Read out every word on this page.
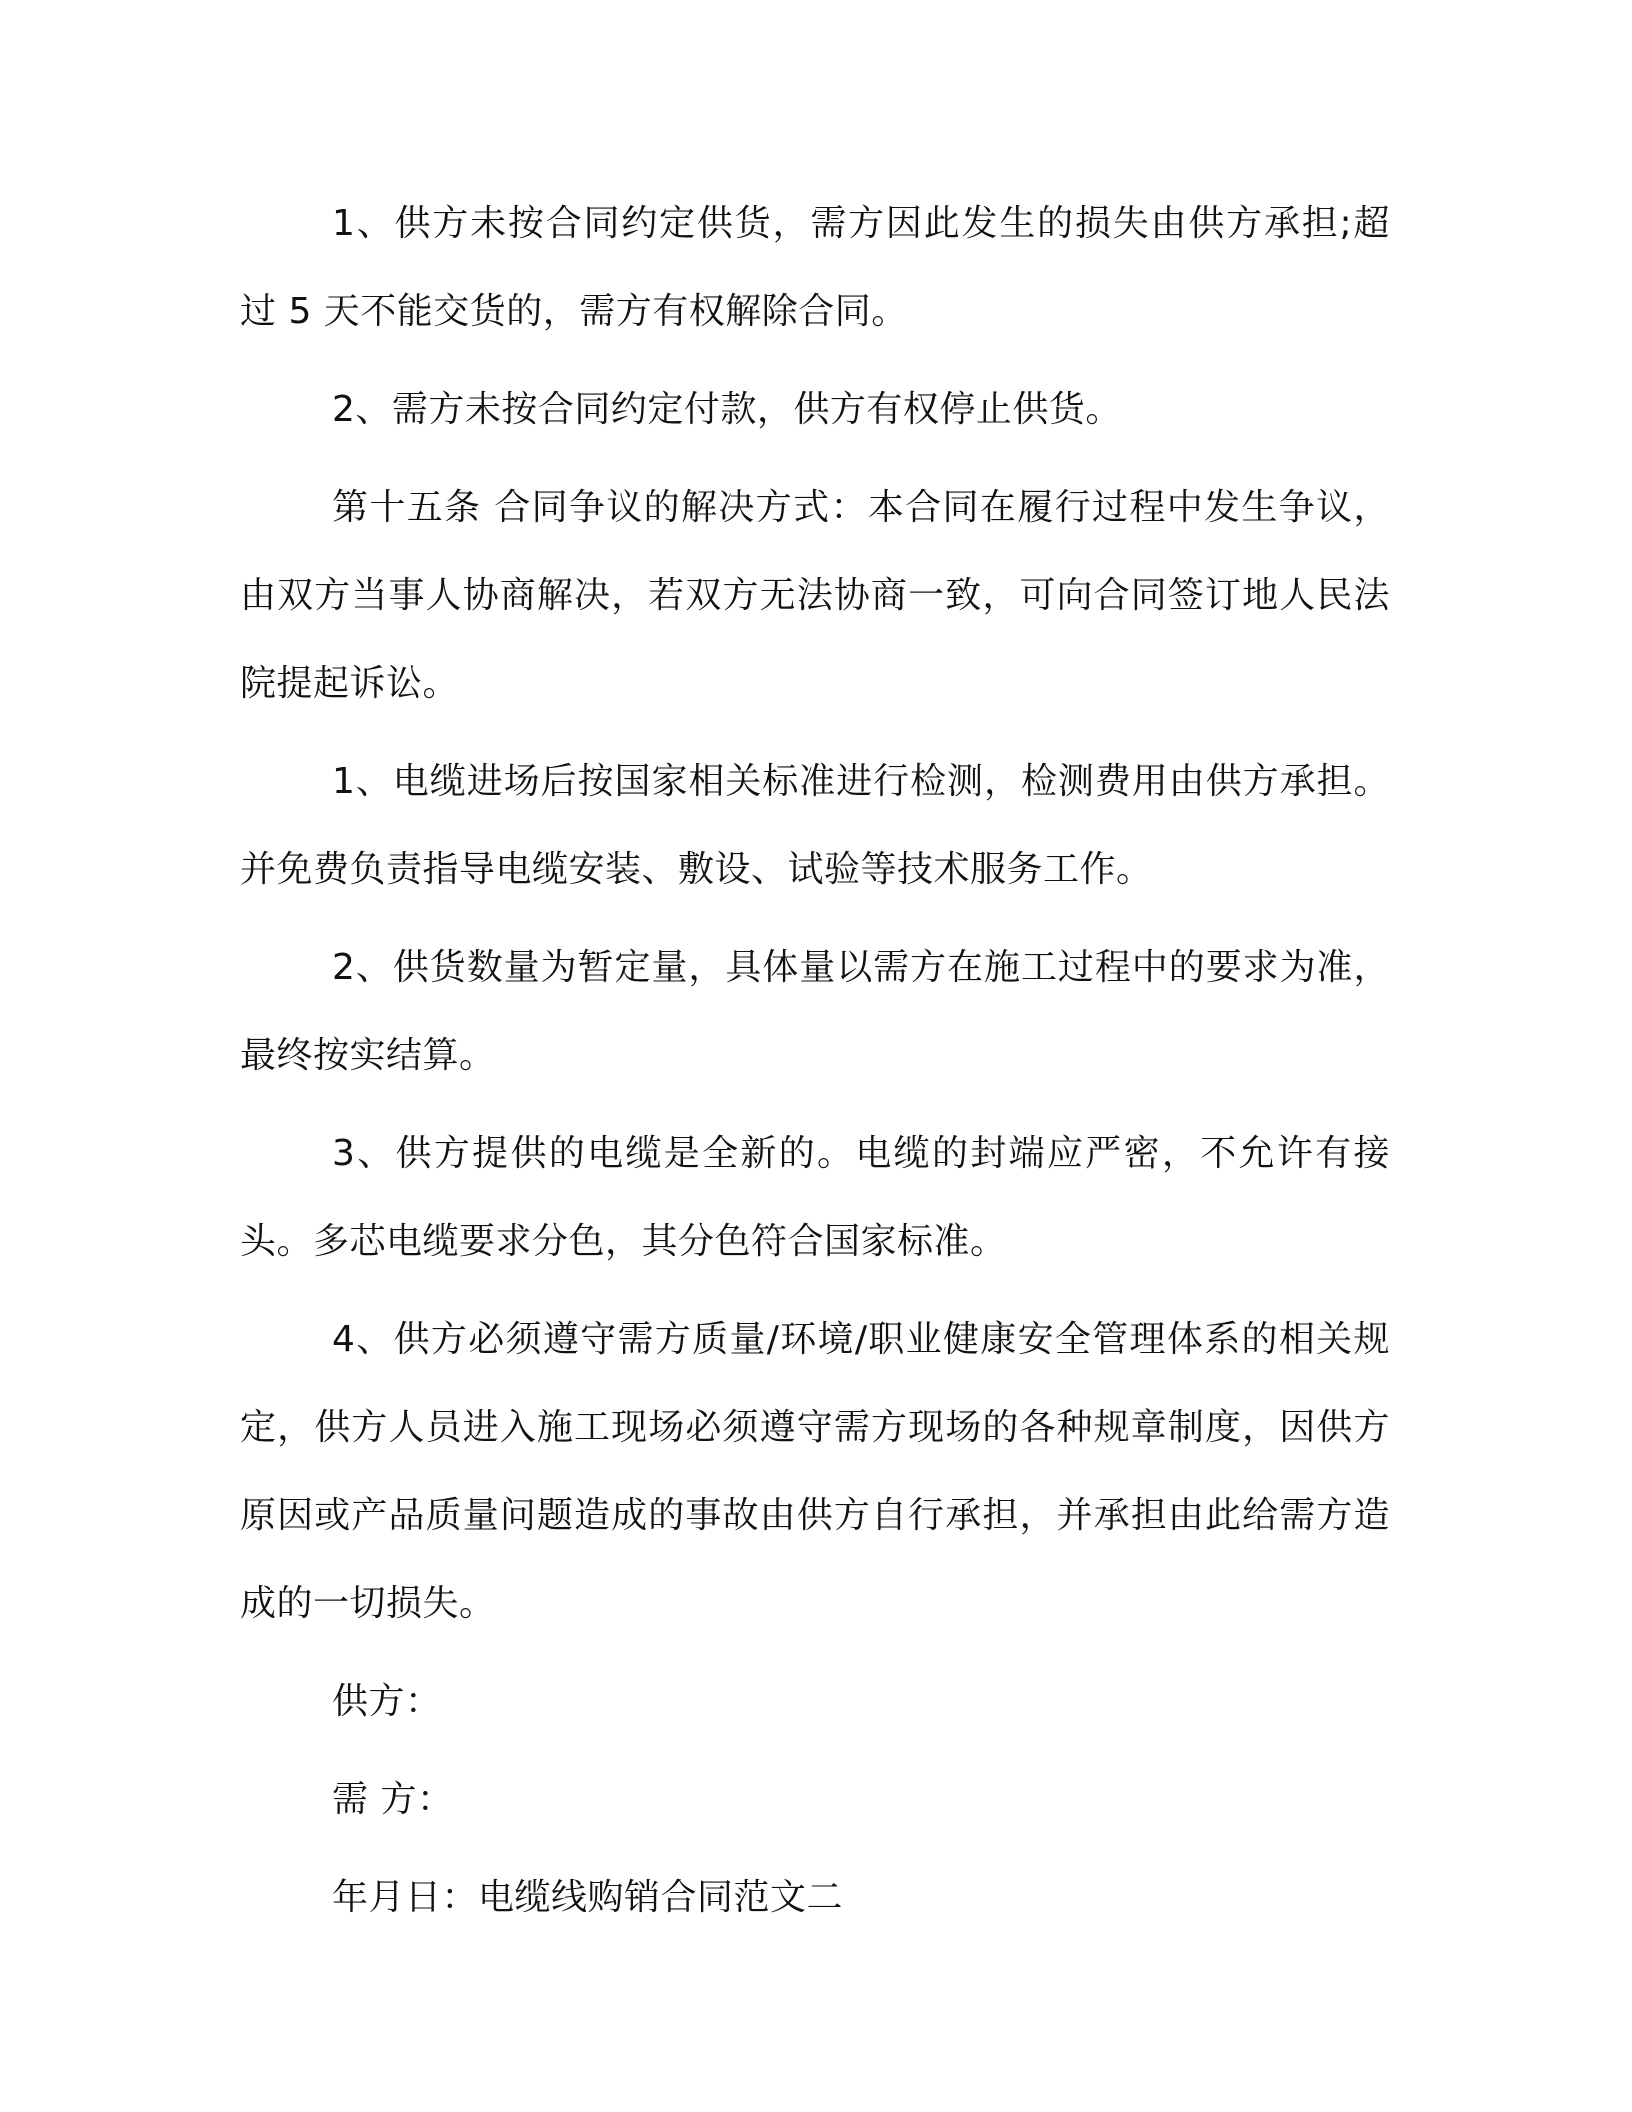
1、供方未按合同约定供货，需方因此发生的损失由供方承担;超过 5 天不能交货的，需方有权解除合同。

2、需方未按合同约定付款，供方有权停止供货。

第十五条 合同争议的解决方式：本合同在履行过程中发生争议，由双方当事人协商解决，若双方无法协商一致，可向合同签订地人民法院提起诉讼。

1、电缆进场后按国家相关标准进行检测，检测费用由供方承担。并免费负责指导电缆安装、敷设、试验等技术服务工作。

2、供货数量为暂定量，具体量以需方在施工过程中的要求为准，最终按实结算。

3、供方提供的电缆是全新的。电缆的封端应严密，不允许有接头。多芯电缆要求分色，其分色符合国家标准。

4、供方必须遵守需方质量/环境/职业健康安全管理体系的相关规定，供方人员进入施工现场必须遵守需方现场的各种规章制度，因供方原因或产品质量问题造成的事故由供方自行承担，并承担由此给需方造成的一切损失。

供方：

需 方：

年月日：电缆线购销合同范文二
